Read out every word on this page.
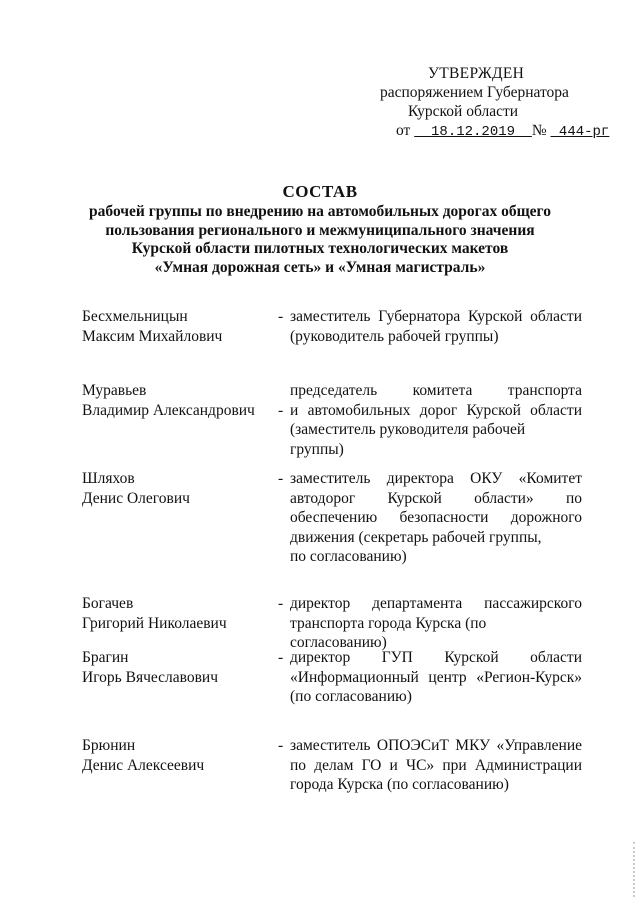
УТВЕРЖДЕН
распоряжением Губернатора
Курской области
от 18.12.2019 № 444-рг
СОСТАВ
рабочей группы по внедрению на автомобильных дорогах общего
пользования регионального и межмуниципального значения
Курской области пилотных технологических макетов
«Умная дорожная сеть» и «Умная магистраль»
Бесхмельницын
Максим Михайлович
- заместитель Губернатора Курской области
(руководитель рабочей группы)
Муравьев
Владимир Александрович	-
председатель комитета транспорта
и автомобильных дорог Курской области
(заместитель руководителя рабочей группы)
Шляхов
Денис Олегович
- заместитель директора ОКУ «Комитет
автодорог Курской области» по
обеспечению безопасности дорожного
движения (секретарь рабочей группы,
по согласованию)
Богачев
Григорий Николаевич
- директор департамента пассажирского
транспорта города Курска (по согласованию)
Брагин
Игорь Вячеславович
- директор ГУП Курской области
«Информационный центр «Регион-Курск»
(по согласованию)
Брюнин
Денис Алексеевич
- заместитель ОПОЭСиТ МКУ «Управление
по делам ГО и ЧС» при Администрации
города Курска (по согласованию)
